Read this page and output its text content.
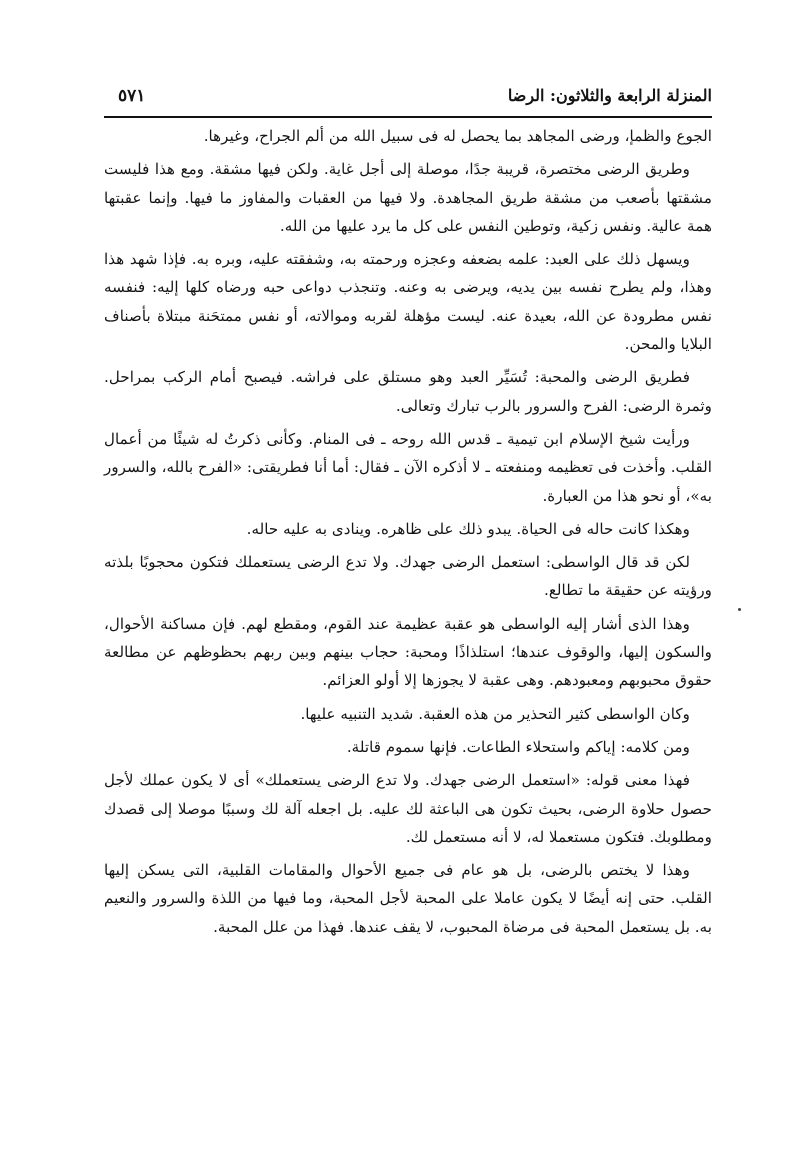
المنزلة الرابعة والثلاثون: الرضا
٥٧١

الجوع والظمإ، ورضى المجاهد بما يحصل له فى سبيل الله من ألم الجراح، وغيرها.

وطريق الرضى مختصرة، قريبة جدًا، موصلة إلى أجل غاية. ولكن فيها مشقة. ومع هذا فليست مشقتها بأصعب من مشقة طريق المجاهدة. ولا فيها من العقبات والمفاوز ما فيها. وإنما عقبتها همة عالية. ونفس زكية، وتوطين النفس على كل ما يرد عليها من الله.

ويسهل ذلك على العبد: علمه بضعفه وعجزه ورحمته به، وشفقته عليه، وبره به. فإذا شهد هذا وهذا، ولم يطرح نفسه بين يديه، ويرضى به وعنه. وتنجذب دواعى حبه ورضاه كلها إليه: فنفسه نفس مطرودة عن الله، بعيدة عنه. ليست مؤهلة لقربه وموالاته، أو نفس ممتحَنة مبتلاة بأصناف البلايا والمحن.

فطريق الرضى والمحبة: تُسَيِّر العبد وهو مستلق على فراشه. فيصبح أمام الركب بمراحل. وثمرة الرضى: الفرح والسرور بالرب تبارك وتعالى.

ورأيت شيخ الإسلام ابن تيمية ـ قدس الله روحه ـ فى المنام. وكأنى ذكرتُ له شيئًا من أعمال القلب. وأخذت فى تعظيمه ومنفعته ـ لا أذكره الآن ـ فقال: أما أنا فطريقتى: «الفرح بالله، والسرور به»، أو نحو هذا من العبارة.

وهكذا كانت حاله فى الحياة. يبدو ذلك على ظاهره. وينادى به عليه حاله.

لكن قد قال الواسطى: استعمل الرضى جهدك. ولا تدع الرضى يستعملك فتكون محجوبًا بلذته ورؤيته عن حقيقة ما تطالع.

وهذا الذى أشار إليه الواسطى هو عقبة عظيمة عند القوم، ومقطع لهم. فإن مساكنة الأحوال، والسكون إليها، والوقوف عندها؛ استلذاذًا ومحبة: حجاب بينهم وبين ربهم بحظوظهم عن مطالعة حقوق محبوبهم ومعبودهم. وهى عقبة لا يجوزها إلا أولو العزائم.

وكان الواسطى كثير التحذير من هذه العقبة. شديد التنبيه عليها.

ومن كلامه: إياكم واستحلاء الطاعات. فإنها سموم قاتلة.

فهذا معنى قوله: «استعمل الرضى جهدك. ولا تدع الرضى يستعملك» أى لا يكون عملك لأجل حصول حلاوة الرضى، بحيث تكون هى الباعثة لك عليه. بل اجعله آلة لك وسببًا موصلا إلى قصدك ومطلوبك. فتكون مستعملا له، لا أنه مستعمل لك.

وهذا لا يختص بالرضى، بل هو عام فى جميع الأحوال والمقامات القلبية، التى يسكن إليها القلب. حتى إنه أيضًا لا يكون عاملا على المحبة لأجل المحبة، وما فيها من اللذة والسرور والنعيم به. بل يستعمل المحبة فى مرضاة المحبوب، لا يقف عندها. فهذا من علل المحبة.
